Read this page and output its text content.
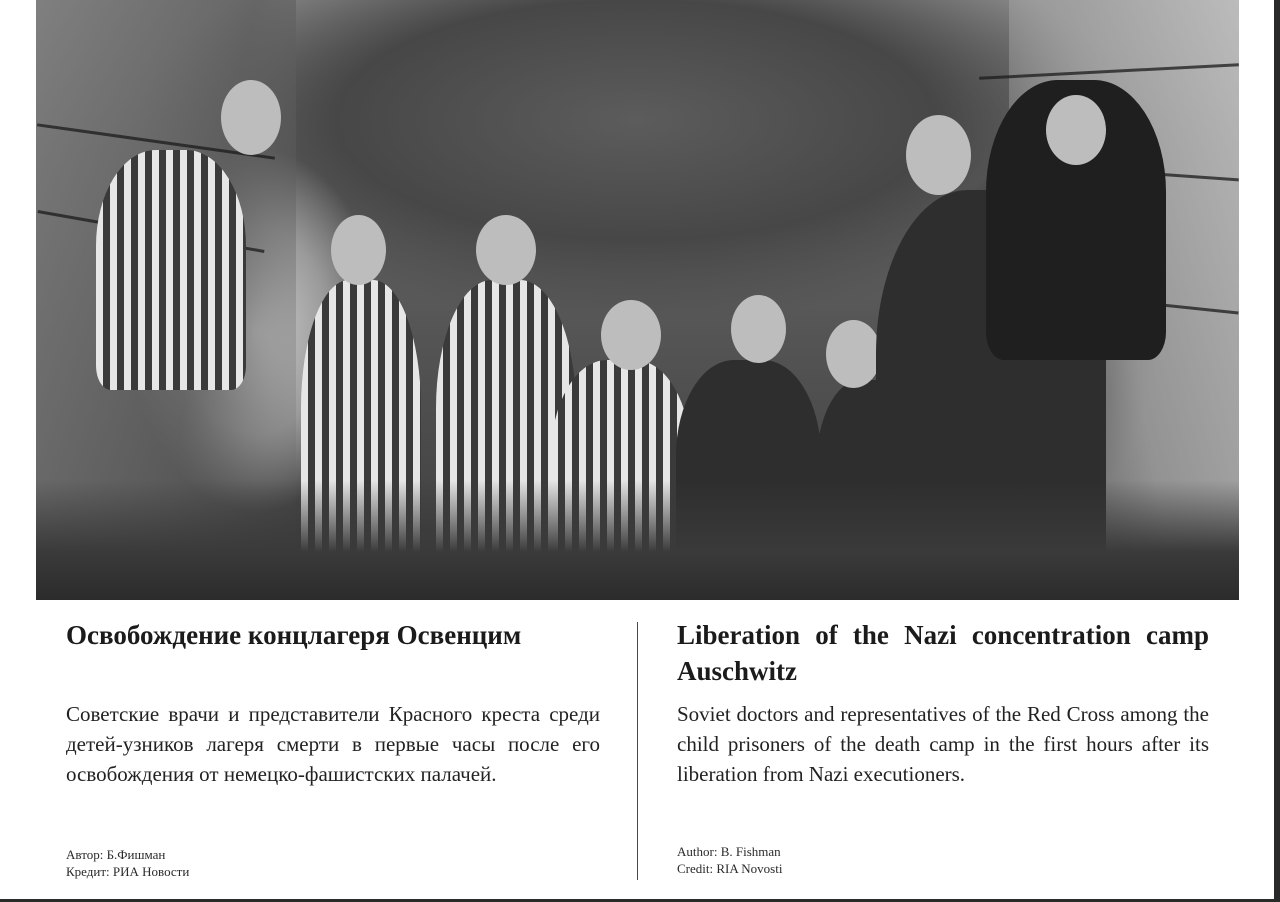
Освобождение концлагеря Освенцим

Советские врачи и представители Красного креста среди детей-узников лагеря смерти в первые часы после его освобождения от немецко-фашистских палачей.

Автор: Б.Фишман
Кредит: РИА Новости
Liberation of the Nazi concentration camp Auschwitz

Soviet doctors and representatives of the Red Cross among the child prisoners of the death camp in the first hours after its liberation from Nazi executioners.

Author: B. Fishman
Credit: RIA Novosti
